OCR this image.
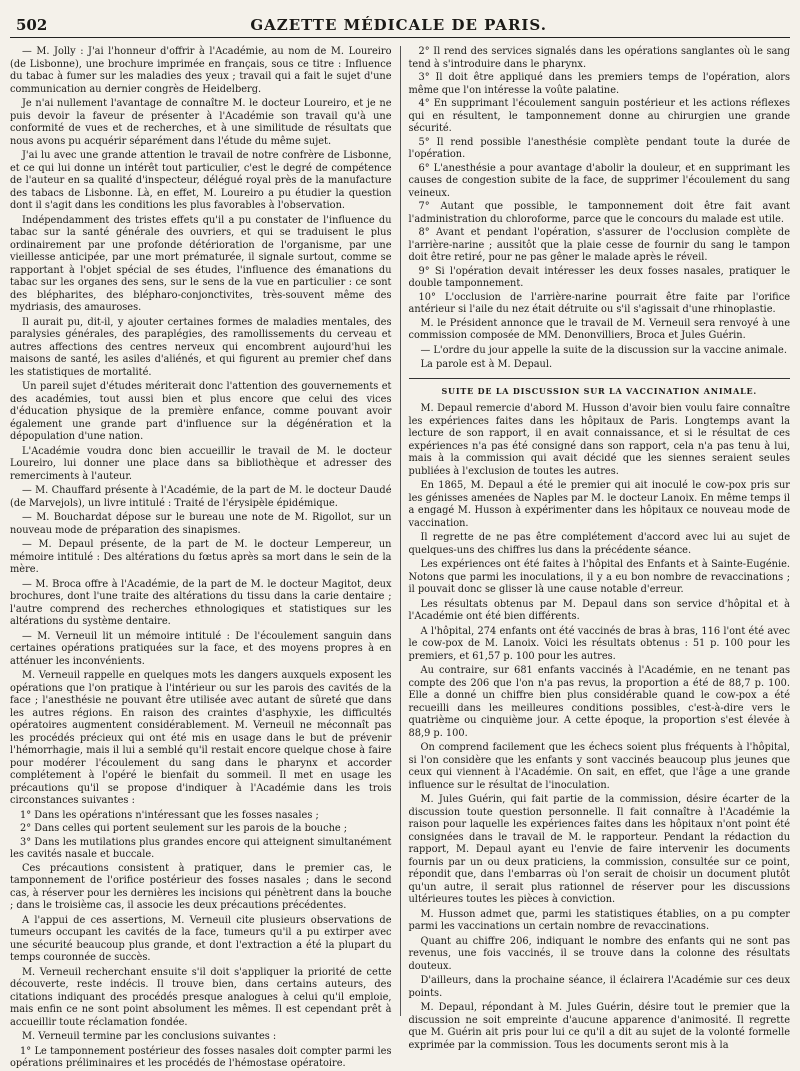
502	GAZETTE MÉDICALE DE PARIS.

— M. Jolly : J'ai l'honneur d'offrir à l'Académie, au nom de M. Loureiro (de Lisbonne), une brochure imprimée en français, sous ce titre : Influence du tabac à fumer sur les maladies des yeux ; travail qui a fait le sujet d'une communication au dernier congrès de Heidelberg.

Je n'ai nullement l'avantage de connaître M. le docteur Loureiro, et je ne puis devoir la faveur de présenter à l'Académie son travail qu'à une conformité de vues et de recherches, et à une similitude de résultats que nous avons pu acquérir séparément dans l'étude du même sujet.

J'ai lu avec une grande attention le travail de notre confrère de Lisbonne, et ce qui lui donne un intérêt tout particulier, c'est le degré de compétence de l'auteur en sa qualité d'inspecteur, délégué royal près de la manufacture des tabacs de Lisbonne. Là, en effet, M. Loureiro a pu étudier la question dont il s'agit dans les conditions les plus favorables à l'observation.

Indépendamment des tristes effets qu'il a pu constater de l'influence du tabac sur la santé générale des ouvriers, et qui se traduisent le plus ordinairement par une profonde détérioration de l'organisme, par une vieillesse anticipée, par une mort prématurée, il signale surtout, comme se rapportant à l'objet spécial de ses études, l'influence des émanations du tabac sur les organes des sens, sur le sens de la vue en particulier : ce sont des blépharites, des blépharo-conjonctivites, très-souvent même des mydriasis, des amauroses.

Il aurait pu, dit-il, y ajouter certaines formes de maladies mentales, des paralysies générales, des paraplégies, des ramollissements du cerveau et autres affections des centres nerveux qui encombrent aujourd'hui les maisons de santé, les asiles d'aliénés, et qui figurent au premier chef dans les statistiques de mortalité.

Un pareil sujet d'études mériterait donc l'attention des gouvernements et des académies, tout aussi bien et plus encore que celui des vices d'éducation physique de la première enfance, comme pouvant avoir également une grande part d'influence sur la dégénération et la dépopulation d'une nation.

L'Académie voudra donc bien accueillir le travail de M. le docteur Loureiro, lui donner une place dans sa bibliothèque et adresser des remerciments à l'auteur.

— M. Chauffard présente à l'Académie, de la part de M. le docteur Daudé (de Marvejols), un livre intitulé : Traité de l'érysipèle épidémique.

— M. Bouchardat dépose sur le bureau une note de M. Rigollot, sur un nouveau mode de préparation des sinapismes.

— M. Depaul présente, de la part de M. le docteur Lempereur, un mémoire intitulé : Des altérations du fœtus après sa mort dans le sein de la mère.

— M. Broca offre à l'Académie, de la part de M. le docteur Magitot, deux brochures, dont l'une traite des altérations du tissu dans la carie dentaire ; l'autre comprend des recherches ethnologiques et statistiques sur les altérations du système dentaire.

— M. Verneuil lit un mémoire intitulé : De l'écoulement sanguin dans certaines opérations pratiquées sur la face, et des moyens propres à en atténuer les inconvénients.

M. Verneuil rappelle en quelques mots les dangers auxquels exposent les opérations que l'on pratique à l'intérieur ou sur les parois des cavités de la face ; l'anesthésie ne pouvant être utilisée avec autant de sûreté que dans les autres régions. En raison des craintes d'asphyxie, les difficultés opératoires augmentent considérablement. M. Verneuil ne méconnaît pas les procédés précieux qui ont été mis en usage dans le but de prévenir l'hémorrhagie, mais il lui a semblé qu'il restait encore quelque chose à faire pour modérer l'écoulement du sang dans le pharynx et accorder complétement à l'opéré le bienfait du sommeil. Il met en usage les précautions qu'il se propose d'indiquer à l'Académie dans les trois circonstances suivantes :

1° Dans les opérations n'intéressant que les fosses nasales ;

2° Dans celles qui portent seulement sur les parois de la bouche ;

3° Dans les mutilations plus grandes encore qui atteignent simultanément les cavités nasale et buccale.

Ces précautions consistent à pratiquer, dans le premier cas, le tamponnement de l'orifice postérieur des fosses nasales ; dans le second cas, à réserver pour les dernières les incisions qui pénètrent dans la bouche ; dans le troisième cas, il associe les deux précautions précédentes.

A l'appui de ces assertions, M. Verneuil cite plusieurs observations de tumeurs occupant les cavités de la face, tumeurs qu'il a pu extirper avec une sécurité beaucoup plus grande, et dont l'extraction a été la plupart du temps couronnée de succès.

M. Verneuil recherchant ensuite s'il doit s'appliquer la priorité de cette découverte, reste indécis. Il trouve bien, dans certains auteurs, des citations indiquant des procédés presque analogues à celui qu'il emploie, mais enfin ce ne sont point absolument les mêmes. Il est cependant prêt à accueillir toute réclamation fondée.

M. Verneuil termine par les conclusions suivantes :

1° Le tamponnement postérieur des fosses nasales doit compter parmi les opérations préliminaires et les procédés de l'hémostase opératoire.

2° Il rend des services signalés dans les opérations sanglantes où le sang tend à s'introduire dans le pharynx.

3° Il doit être appliqué dans les premiers temps de l'opération, alors même que l'on intéresse la voûte palatine.

4° En supprimant l'écoulement sanguin postérieur et les actions réflexes qui en résultent, le tamponnement donne au chirurgien une grande sécurité.

5° Il rend possible l'anesthésie complète pendant toute la durée de l'opération.

6° L'anesthésie a pour avantage d'abolir la douleur, et en supprimant les causes de congestion subite de la face, de supprimer l'écoulement du sang veineux.

7° Autant que possible, le tamponnement doit être fait avant l'administration du chloroforme, parce que le concours du malade est utile.

8° Avant et pendant l'opération, s'assurer de l'occlusion complète de l'arrière-narine ; aussitôt que la plaie cesse de fournir du sang le tampon doit être retiré, pour ne pas gêner le malade après le réveil.

9° Si l'opération devait intéresser les deux fosses nasales, pratiquer le double tamponnement.

10° L'occlusion de l'arrière-narine pourrait être faite par l'orifice antérieur si l'aile du nez était détruite ou s'il s'agissait d'une rhinoplastie.

M. le Président annonce que le travail de M. Verneuil sera renvoyé à une commission composée de MM. Denonvilliers, Broca et Jules Guérin.

— L'ordre du jour appelle la suite de la discussion sur la vaccine animale.

La parole est à M. Depaul.

SUITE DE LA DISCUSSION SUR LA VACCINATION ANIMALE.

M. Depaul remercie d'abord M. Husson d'avoir bien voulu faire connaître les expériences faites dans les hôpitaux de Paris. Longtemps avant la lecture de son rapport, il en avait connaissance, et si le résultat de ces expériences n'a pas été consigné dans son rapport, cela n'a pas tenu à lui, mais à la commission qui avait décidé que les siennes seraient seules publiées à l'exclusion de toutes les autres.

En 1865, M. Depaul a été le premier qui ait inoculé le cow-pox pris sur les génisses amenées de Naples par M. le docteur Lanoix. En même temps il a engagé M. Husson à expérimenter dans les hôpitaux ce nouveau mode de vaccination.

Il regrette de ne pas être complétement d'accord avec lui au sujet de quelques-uns des chiffres lus dans la précédente séance.

Les expériences ont été faites à l'hôpital des Enfants et à Sainte-Eugénie. Notons que parmi les inoculations, il y a eu bon nombre de revaccinations ; il pouvait donc se glisser là une cause notable d'erreur.

Les résultats obtenus par M. Depaul dans son service d'hôpital et à l'Académie ont été bien différents.

A l'hôpital, 274 enfants ont été vaccinés de bras à bras, 116 l'ont été avec le cow-pox de M. Lanoix. Voici les résultats obtenus : 51 p. 100 pour les premiers, et 61,57 p. 100 pour les autres.

Au contraire, sur 681 enfants vaccinés à l'Académie, en ne tenant pas compte des 206 que l'on n'a pas revus, la proportion a été de 88,7 p. 100. Elle a donné un chiffre bien plus considérable quand le cow-pox a été recueilli dans les meilleures conditions possibles, c'est-à-dire vers le quatrième ou cinquième jour. A cette époque, la proportion s'est élevée à 88,9 p. 100.

On comprend facilement que les échecs soient plus fréquents à l'hôpital, si l'on considère que les enfants y sont vaccinés beaucoup plus jeunes que ceux qui viennent à l'Académie. On sait, en effet, que l'âge a une grande influence sur le résultat de l'inoculation.

M. Jules Guérin, qui fait partie de la commission, désire écarter de la discussion toute question personnelle. Il fait connaître à l'Académie la raison pour laquelle les expériences faites dans les hôpitaux n'ont point été consignées dans le travail de M. le rapporteur. Pendant la rédaction du rapport, M. Depaul ayant eu l'envie de faire intervenir les documents fournis par un ou deux praticiens, la commission, consultée sur ce point, répondit que, dans l'embarras où l'on serait de choisir un document plutôt qu'un autre, il serait plus rationnel de réserver pour les discussions ultérieures toutes les pièces à conviction.

M. Husson admet que, parmi les statistiques établies, on a pu compter parmi les vaccinations un certain nombre de revaccinations.

Quant au chiffre 206, indiquant le nombre des enfants qui ne sont pas revenus, une fois vaccinés, il se trouve dans la colonne des résultats douteux.

D'ailleurs, dans la prochaine séance, il éclairera l'Académie sur ces deux points.

M. Depaul, répondant à M. Jules Guérin, désire tout le premier que la discussion ne soit empreinte d'aucune apparence d'animosité. Il regrette que M. Guérin ait pris pour lui ce qu'il a dit au sujet de la volonté formelle exprimée par la commission. Tous les documents seront mis à la
